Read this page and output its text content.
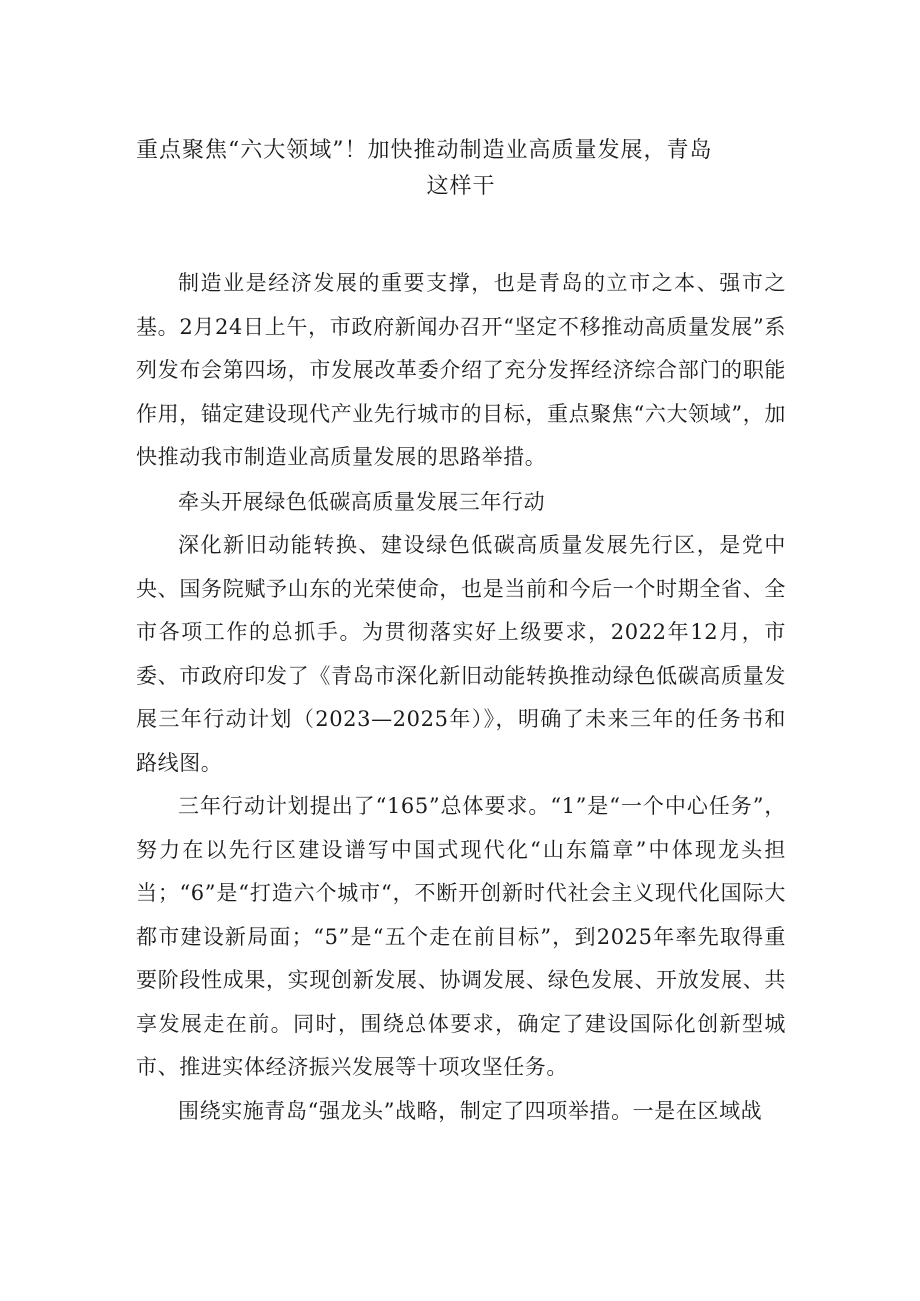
重点聚焦“六大领域”！加快推动制造业高质量发展，青岛
这样干

制造业是经济发展的重要支撑，也是青岛的立市之本、强市之基。2月24日上午，市政府新闻办召开“坚定不移推动高质量发展”系列发布会第四场，市发展改革委介绍了充分发挥经济综合部门的职能作用，锚定建设现代产业先行城市的目标，重点聚焦“六大领域”，加快推动我市制造业高质量发展的思路举措。

牵头开展绿色低碳高质量发展三年行动

深化新旧动能转换、建设绿色低碳高质量发展先行区，是党中央、国务院赋予山东的光荣使命，也是当前和今后一个时期全省、全市各项工作的总抓手。为贯彻落实好上级要求，2022年12月，市委、市政府印发了《青岛市深化新旧动能转换推动绿色低碳高质量发展三年行动计划（2023—2025年）》，明确了未来三年的任务书和路线图。

三年行动计划提出了“165”总体要求。“1”是“一个中心任务”，努力在以先行区建设谱写中国式现代化“山东篇章”中体现龙头担当；“6”是“打造六个城市“，不断开创新时代社会主义现代化国际大都市建设新局面；“5”是“五个走在前目标”，到2025年率先取得重要阶段性成果，实现创新发展、协调发展、绿色发展、开放发展、共享发展走在前。同时，围绕总体要求，确定了建设国际化创新型城市、推进实体经济振兴发展等十项攻坚任务。

围绕实施青岛“强龙头”战略，制定了四项举措。一是在区域战
